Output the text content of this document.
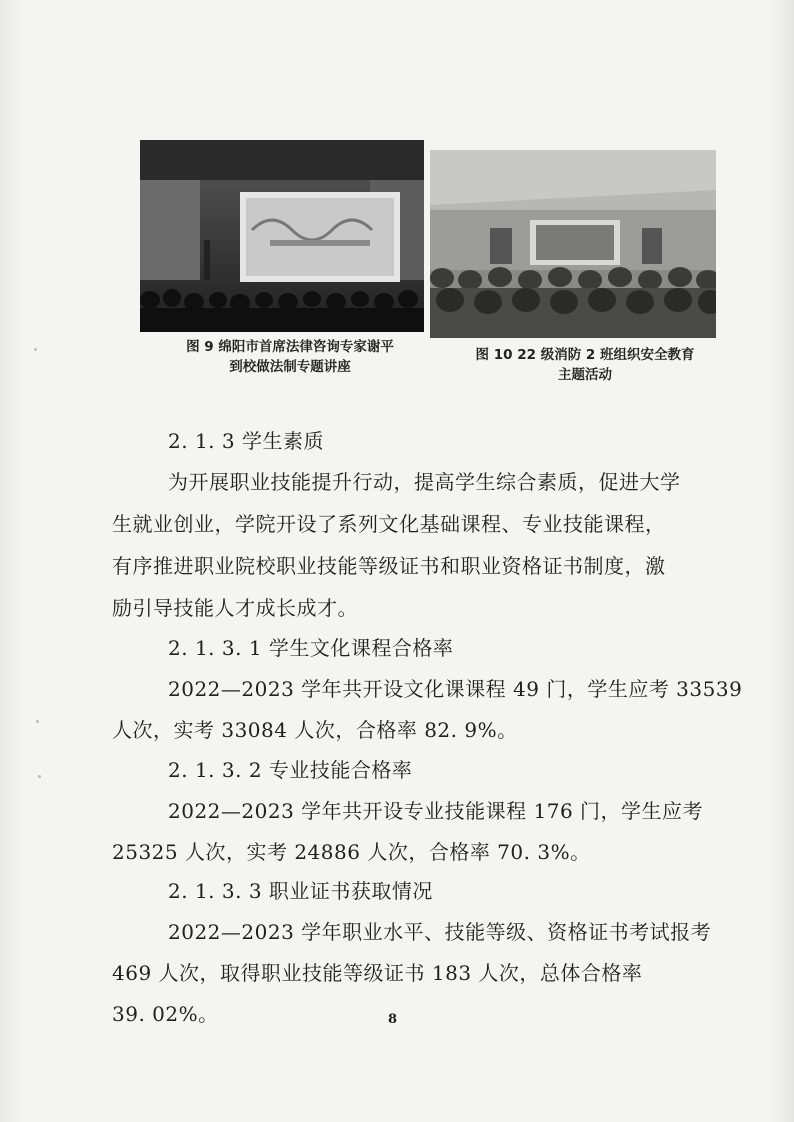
图 9 绵阳市首席法律咨询专家谢平
到校做法制专题讲座
图 10 22 级消防 2 班组织安全教育
主题活动
2. 1. 3 学生素质
为开展职业技能提升行动，提高学生综合素质，促进大学
生就业创业，学院开设了系列文化基础课程、专业技能课程，
有序推进职业院校职业技能等级证书和职业资格证书制度，激
励引导技能人才成长成才。
2. 1. 3. 1 学生文化课程合格率
2022—2023 学年共开设文化课课程 49 门，学生应考 33539
人次，实考 33084 人次，合格率 82. 9%。
2. 1. 3. 2 专业技能合格率
2022—2023 学年共开设专业技能课程 176 门，学生应考
25325 人次，实考 24886 人次，合格率 70. 3%。
2. 1. 3. 3 职业证书获取情况
2022—2023 学年职业水平、技能等级、资格证书考试报考
469 人次，取得职业技能等级证书 183 人次，总体合格率
39. 02%。	8
